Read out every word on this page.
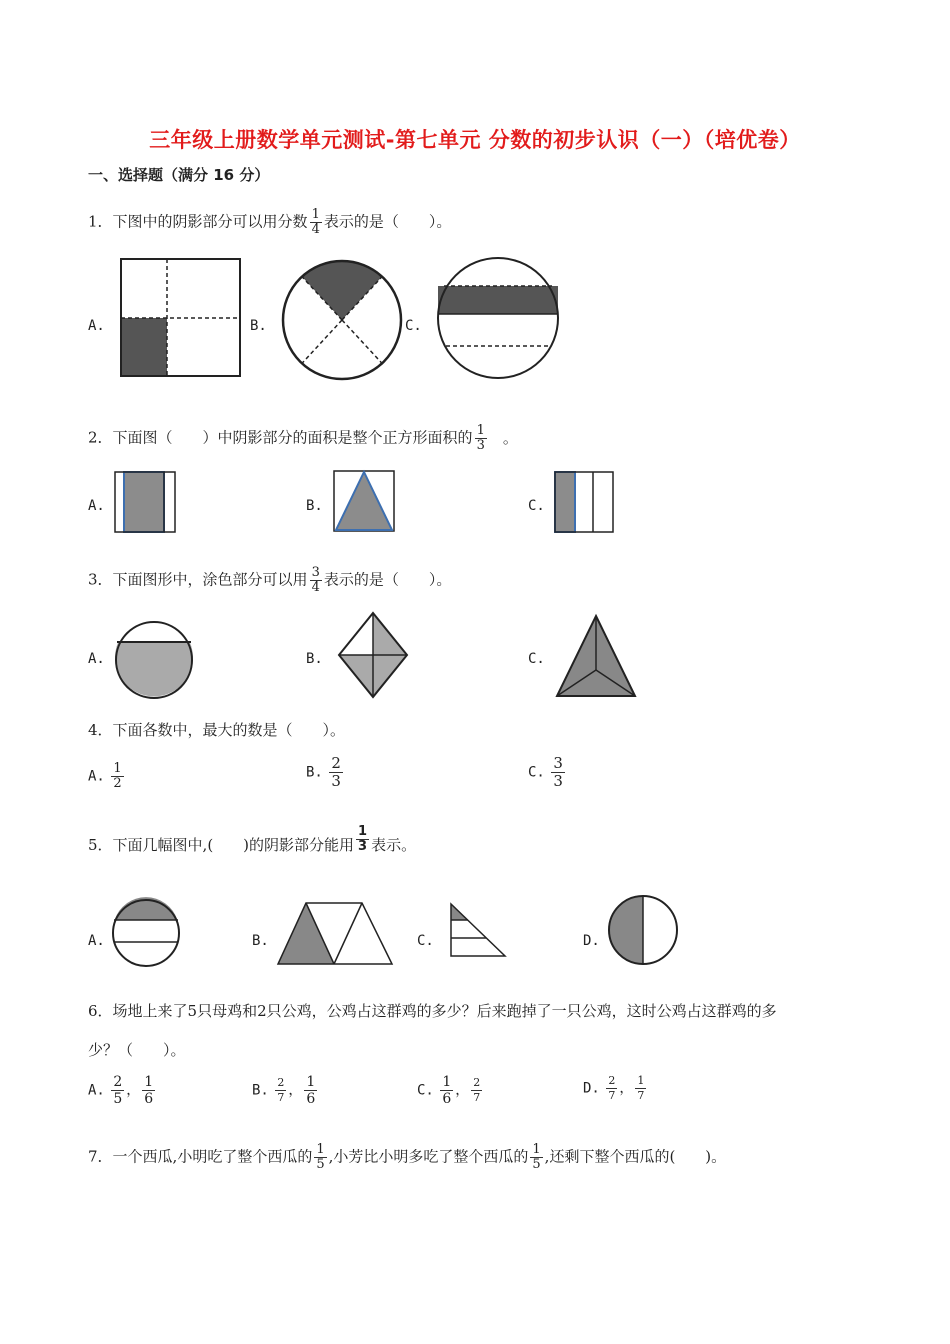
三年级上册数学单元测试-第七单元 分数的初步认识（一）（培优卷）
一、选择题（满分 16 分）
1．下图中的阴影部分可以用分数 $\frac{1}{4}$ 表示的是（　　）。
A.	B.	C.
2．下面图（　　）中阴影部分的面积是整个正方形面积的 $\frac{1}{3}$ 。
A.	B.	C.
3．下面图形中，涂色部分可以用 $\frac{3}{4}$ 表示的是（　　）。
A.	B.	C.
4．下面各数中，最大的数是（　　）。
A. $\frac{1}{2}$	B. $\frac{2}{3}$	C. $\frac{3}{3}$
5．下面几幅图中,(　　)的阴影部分能用 $\frac{1}{3}$ 表示。
A.	B.	C.	D.
6．场地上来了5只母鸡和2只公鸡，公鸡占这群鸡的多少？后来跑掉了一只公鸡，这时公鸡占这群鸡的多
少？（　　）。
A. $\frac{2}{5}$ ， $\frac{1}{6}$	B. $\frac{2}{7}$ ， $\frac{1}{6}$	C. $\frac{1}{6}$ ， $\frac{2}{7}$	D. $\frac{2}{7}$ ， $\frac{1}{7}$
7．一个西瓜,小明吃了整个西瓜的 $\frac{1}{5}$ ,小芳比小明多吃了整个西瓜的 $\frac{1}{5}$ ,还剩下整个西瓜的(　　)。
